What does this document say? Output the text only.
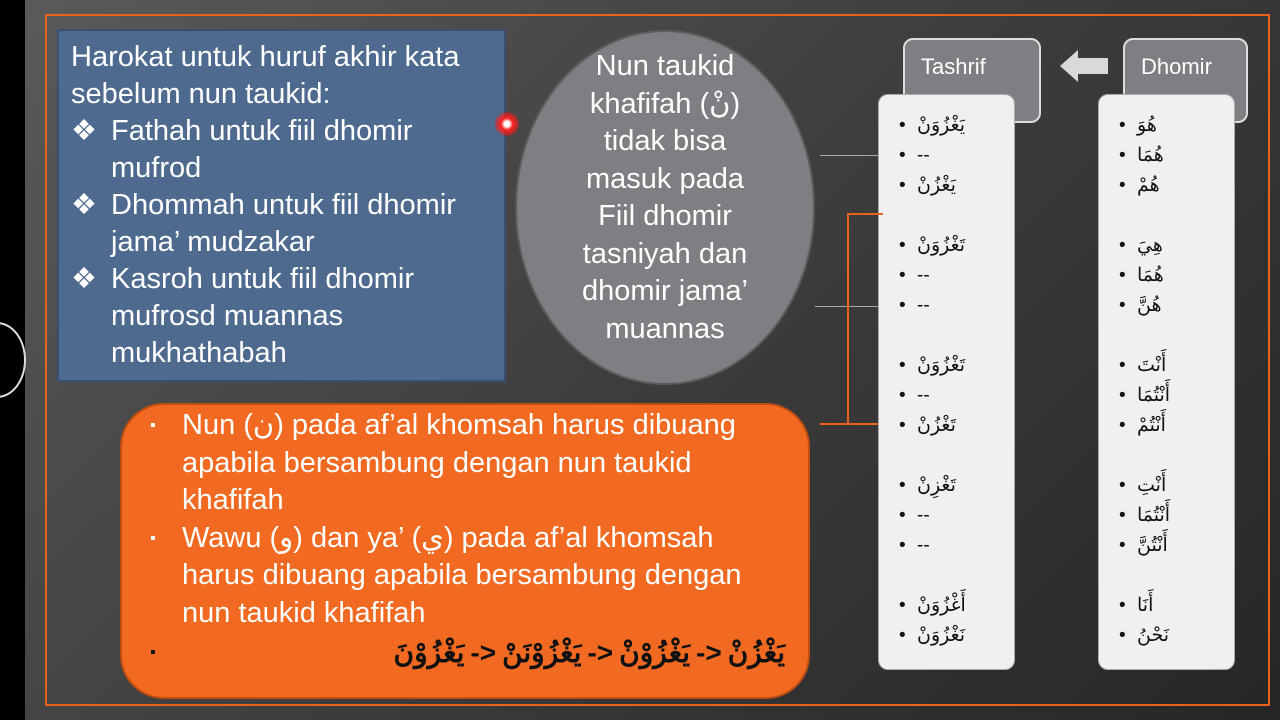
Harokat untuk huruf akhir kata sebelum nun taukid:
❖ Fathah untuk fiil dhomir mufrod
❖ Dhommah untuk fiil dhomir jama’ mudzakar
❖ Kasroh untuk fiil dhomir mufrosd muannas mukhathabah
Nun taukid khafifah (نْ) tidak bisa masuk pada Fiil dhomir tasniyah dan dhomir jama’ muannas
▪ Nun (ن) pada af’al khomsah harus dibuang apabila bersambung dengan nun taukid khafifah
▪ Wawu (و) dan ya’ (ي) pada af’al khomsah harus dibuang apabila bersambung dengan nun taukid khafifah
▪	يَغْزُوْنَ -> يَغْزُوْنَنْ -> يَغْزُوْنْ -> يَغْزُنْ
Tashrif	Dhomir
• يَغْزُوَنْ
• --
• يَغْزُنْ
• تَغْزُوَنْ
• --
• --
• تَغْزُوَنْ
• --
• تَغْزُنْ
• تَغْزِنْ
• --
• --
• أَغْزُوَنْ
• نَغْزُوَنْ
• هُوَ
• هُمَا
• هُمْ
• هِيَ
• هُمَا
• هُنَّ
• أَنْتَ
• أَنْتُمَا
• أَنْتُمْ
• أَنْتِ
• أَنْتُمَا
• أَنْتُنَّ
• أَنَا
• نَحْنُ
